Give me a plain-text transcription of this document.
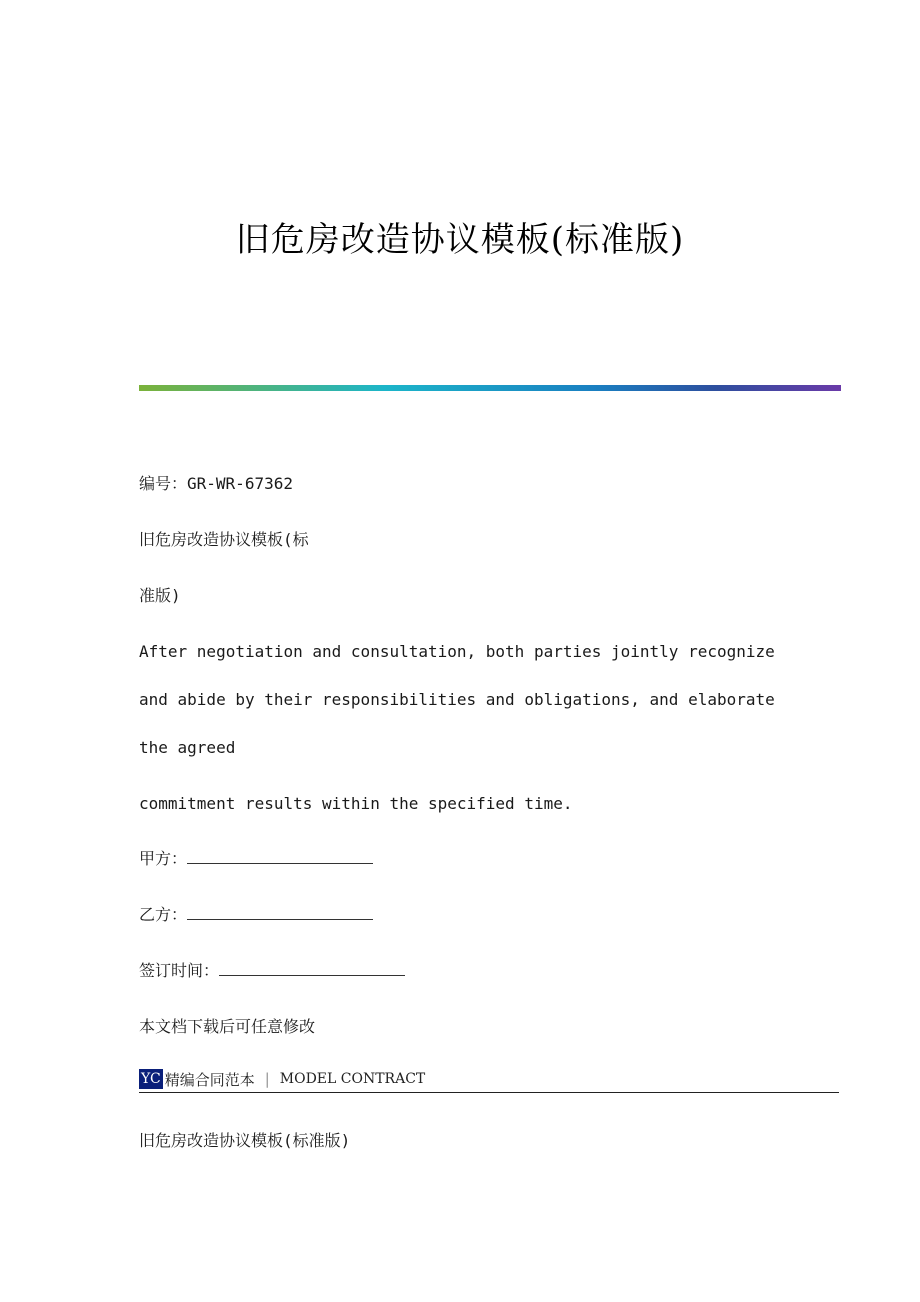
旧危房改造协议模板(标准版)
编号：GR-WR-67362
旧危房改造协议模板(标
准版)
After negotiation and consultation, both parties jointly recognize
and abide by their responsibilities and obligations, and elaborate
the agreed
commitment results within the specified time.
甲方：
乙方：
签订时间：
本文档下载后可任意修改
YC 精编合同范本 | MODEL CONTRACT
旧危房改造协议模板(标准版)
